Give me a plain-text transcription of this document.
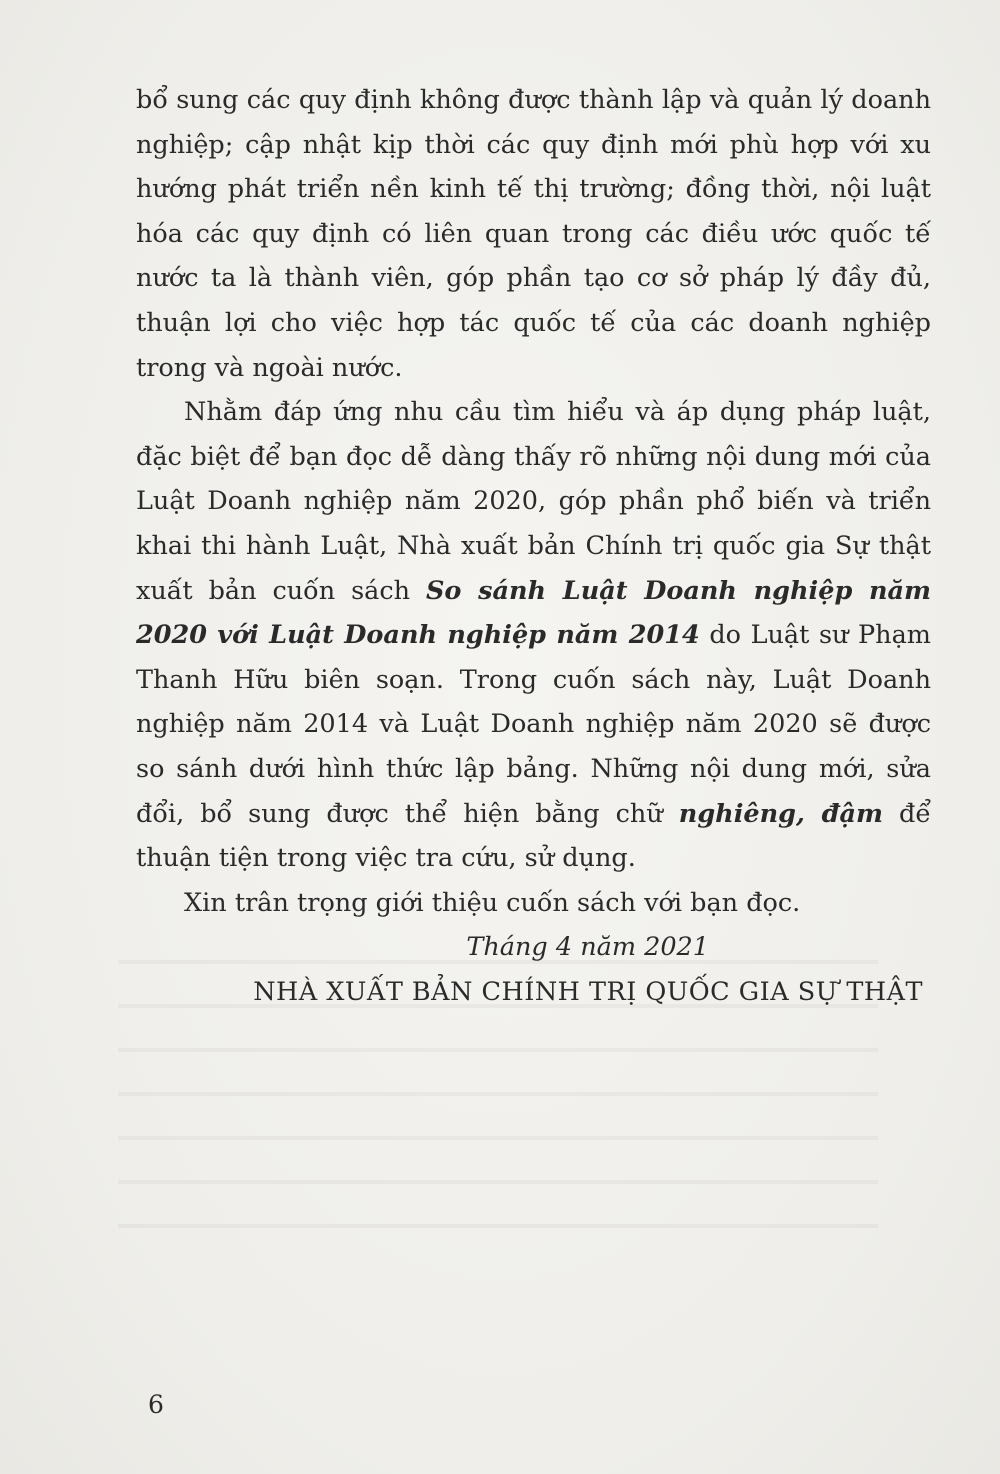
bổ sung các quy định không được thành lập và quản lý doanh nghiệp; cập nhật kịp thời các quy định mới phù hợp với xu hướng phát triển nền kinh tế thị trường; đồng thời, nội luật hóa các quy định có liên quan trong các điều ước quốc tế nước ta là thành viên, góp phần tạo cơ sở pháp lý đầy đủ, thuận lợi cho việc hợp tác quốc tế của các doanh nghiệp trong và ngoài nước.

Nhằm đáp ứng nhu cầu tìm hiểu và áp dụng pháp luật, đặc biệt để bạn đọc dễ dàng thấy rõ những nội dung mới của Luật Doanh nghiệp năm 2020, góp phần phổ biến và triển khai thi hành Luật, Nhà xuất bản Chính trị quốc gia Sự thật xuất bản cuốn sách So sánh Luật Doanh nghiệp năm 2020 với Luật Doanh nghiệp năm 2014 do Luật sư Phạm Thanh Hữu biên soạn. Trong cuốn sách này, Luật Doanh nghiệp năm 2014 và Luật Doanh nghiệp năm 2020 sẽ được so sánh dưới hình thức lập bảng. Những nội dung mới, sửa đổi, bổ sung được thể hiện bằng chữ nghiêng, đậm để thuận tiện trong việc tra cứu, sử dụng.

Xin trân trọng giới thiệu cuốn sách với bạn đọc.

Tháng 4 năm 2021

NHÀ XUẤT BẢN CHÍNH TRỊ QUỐC GIA SỰ THẬT

6
